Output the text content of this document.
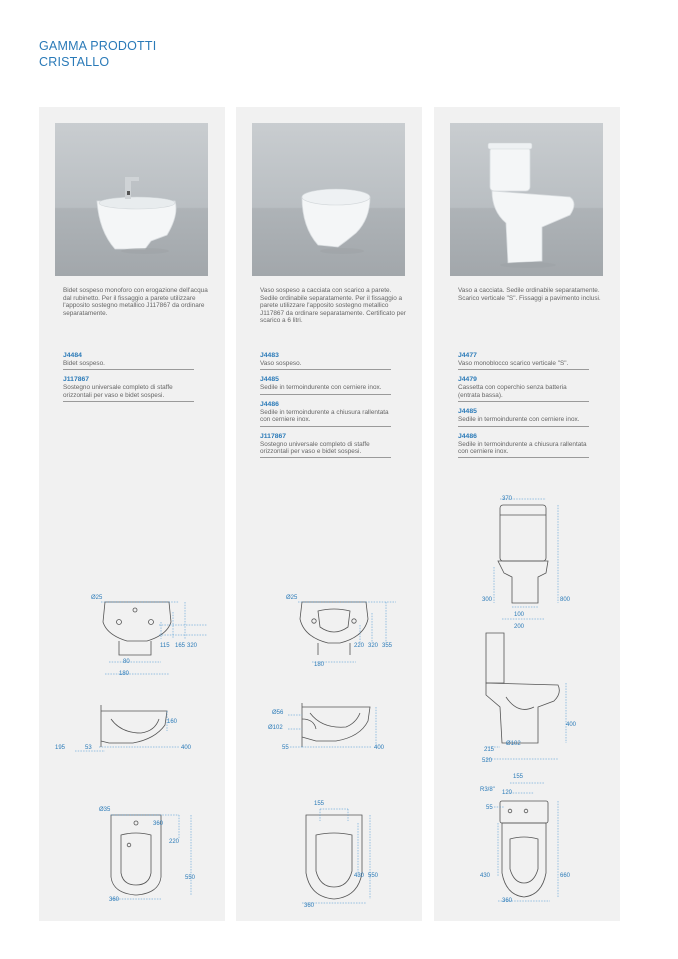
GAMMA PRODOTTI
CRISTALLO
Bidet sospeso monoforo con erogazione dell'acqua dal rubinetto. Per il fissaggio a parete utilizzare l'apposito sostegno metallico J117867 da ordinare separatamente.
J4484
Bidet sospeso.
J117867
Sostegno universale completo di staffe orizzontali per vaso e bidet sospesi.
Ø25
115 165 320
80
180
160
195	53	400
Ø35
360
220
550
360
Vaso sospeso a cacciata con scarico a parete. Sedile ordinabile separatamente. Per il fissaggio a parete utilizzare l'apposito sostegno metallico J117867 da ordinare separatamente. Certificato per scarico a 6 litri.
J4483
Vaso sospeso.
J4485
Sedile in termoindurente con cerniere inox.
J4486
Sedile in termoindurente a chiusura rallentata con cerniere inox.
J117867
Sostegno universale completo di staffe orizzontali per vaso e bidet sospesi.
Ø25
220 320 355
180
Ø56
Ø102
55	400
155
430 550
360
Vaso a cacciata. Sedile ordinabile separatamente. Scarico verticale "S". Fissaggi a pavimento inclusi.
J4477
Vaso monoblocco scarico verticale "S".
J4479
Cassetta con coperchio senza batteria (entrata bassa).
J4485
Sedile in termoindurente con cerniere inox.
J4486
Sedile in termoindurente a chiusura rallentata con cerniere inox.
370
300	800
100
200
400
215
Ø102
520
155
R3/8" 120
55
430	660
360
